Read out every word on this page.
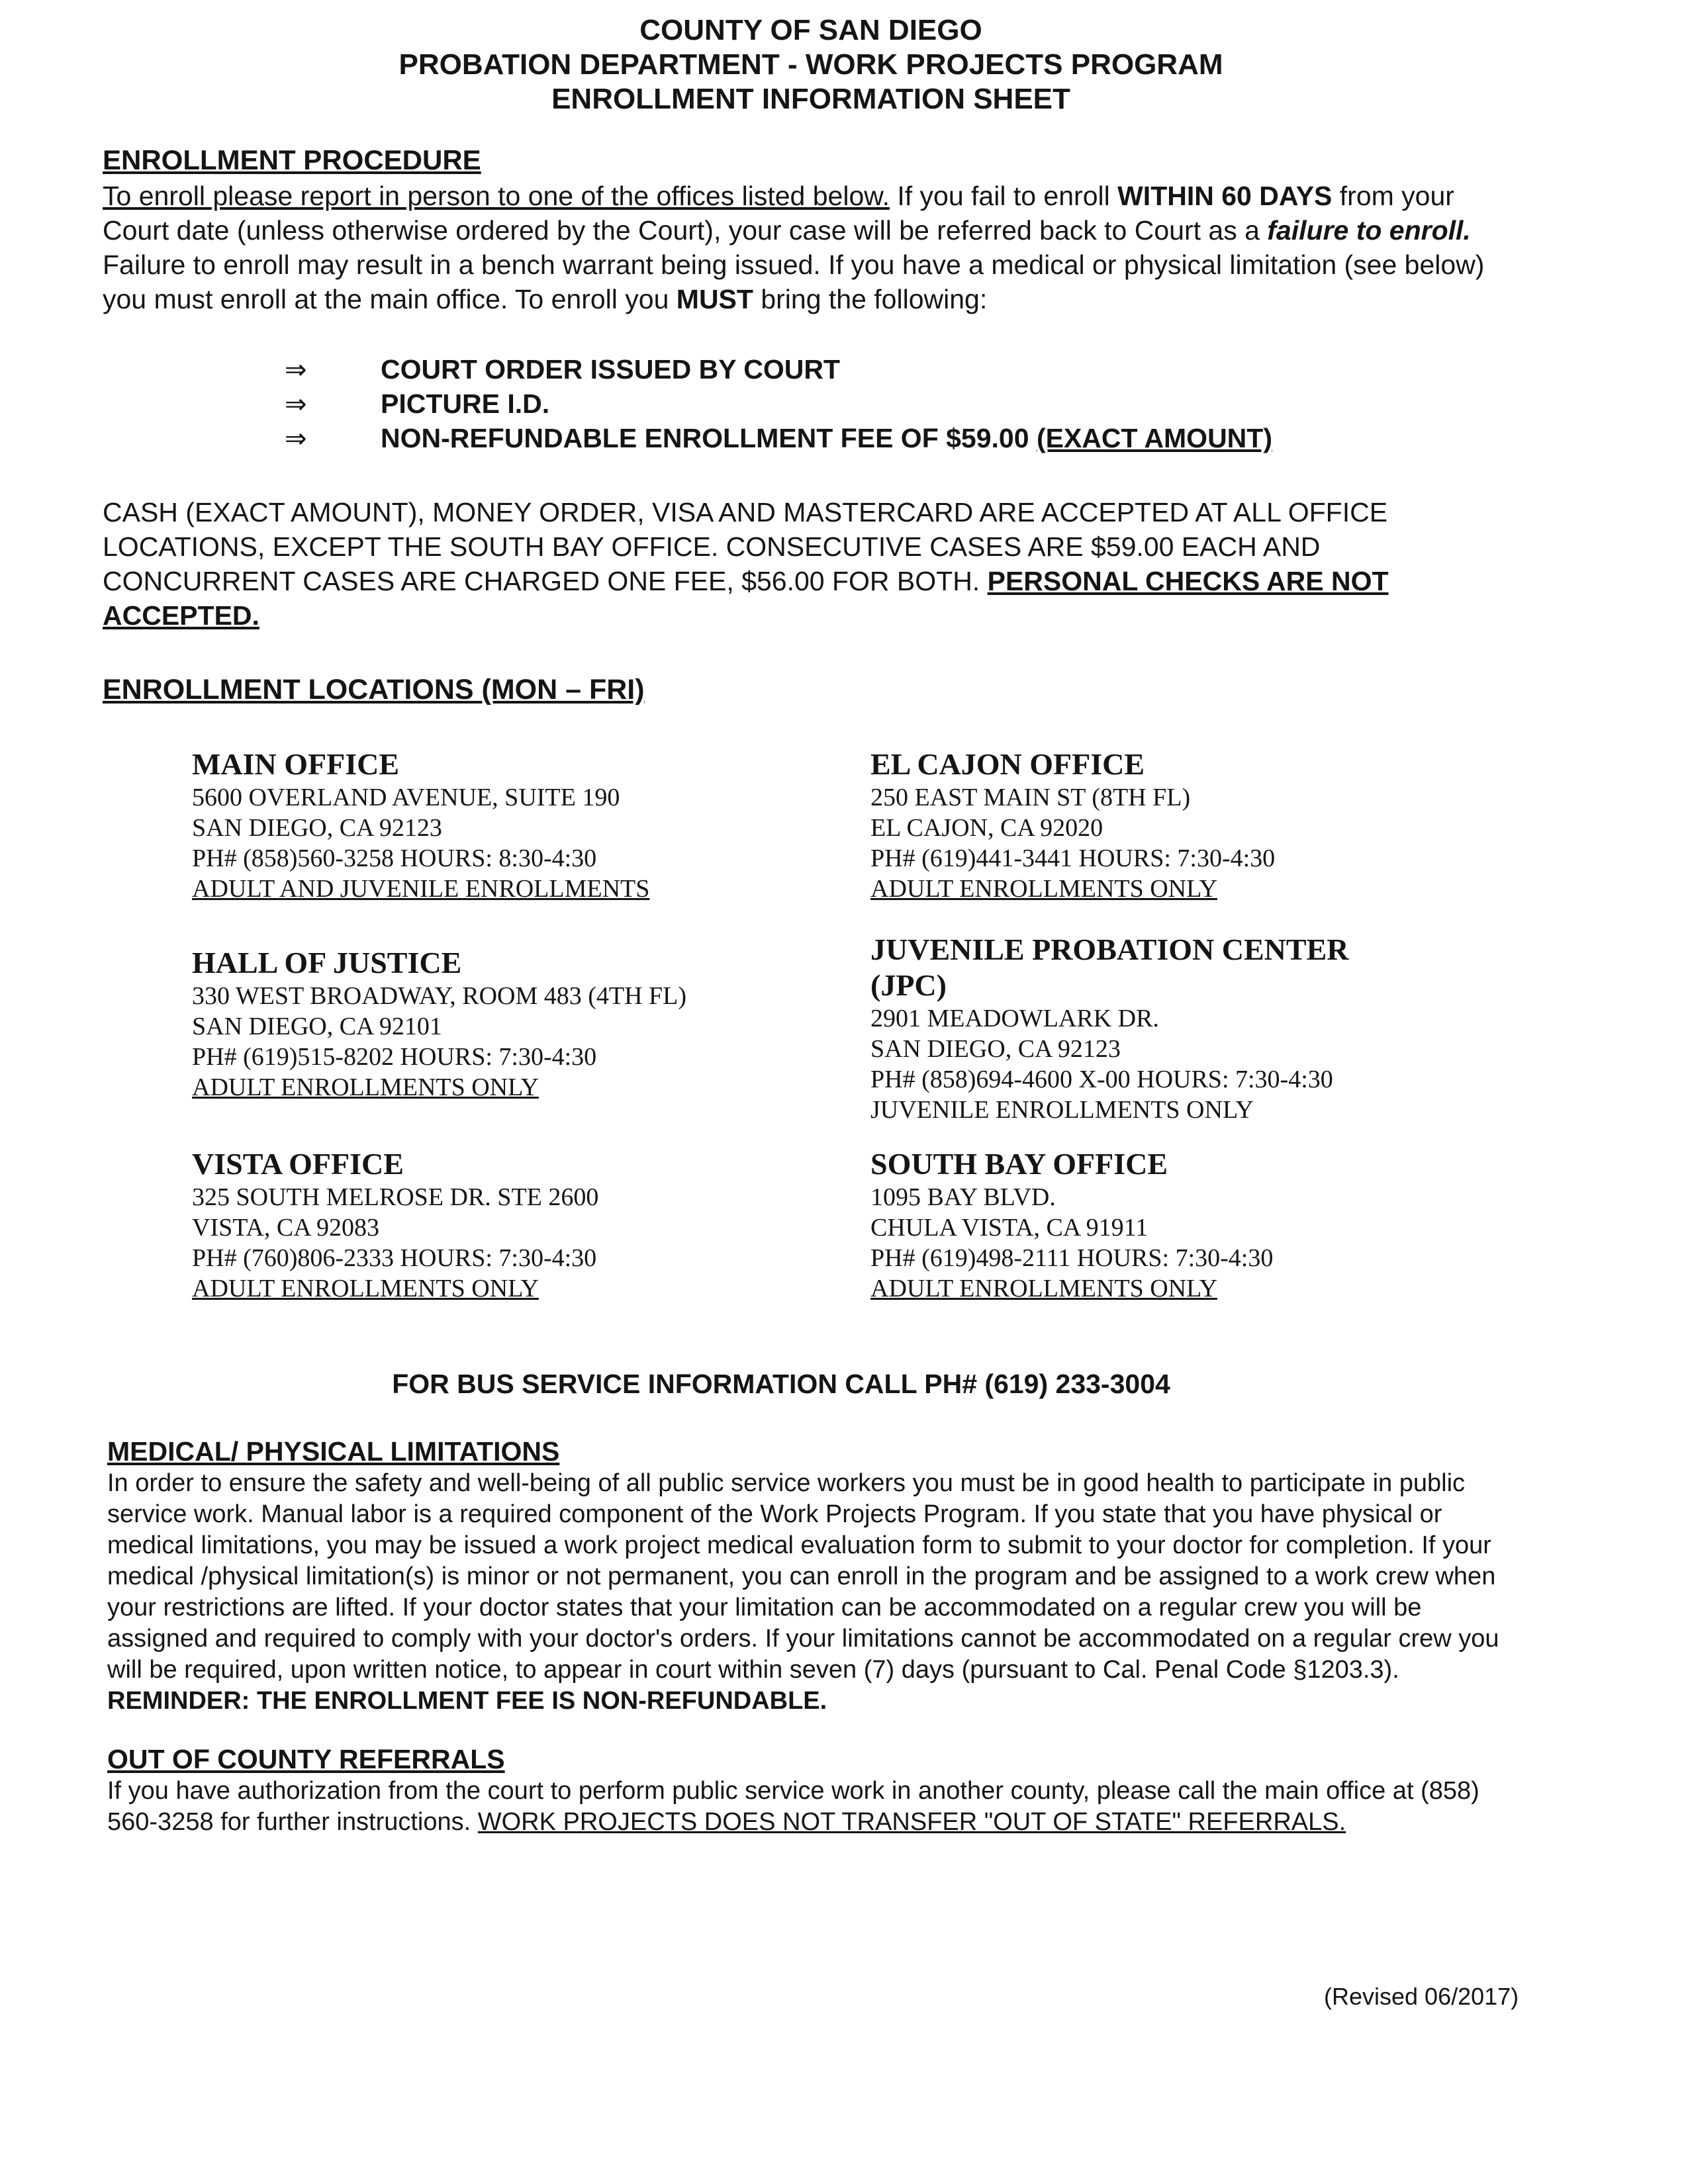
COUNTY OF SAN DIEGO
PROBATION DEPARTMENT - WORK PROJECTS PROGRAM
ENROLLMENT INFORMATION SHEET
ENROLLMENT PROCEDURE
To enroll please report in person to one of the offices listed below. If you fail to enroll WITHIN 60 DAYS from your Court date (unless otherwise ordered by the Court), your case will be referred back to Court as a failure to enroll. Failure to enroll may result in a bench warrant being issued. If you have a medical or physical limitation (see below) you must enroll at the main office. To enroll you MUST bring the following:
⇒	COURT ORDER ISSUED BY COURT
⇒	PICTURE I.D.
⇒	NON-REFUNDABLE ENROLLMENT FEE OF $59.00 (EXACT AMOUNT)
CASH (EXACT AMOUNT), MONEY ORDER, VISA AND MASTERCARD ARE ACCEPTED AT ALL OFFICE LOCATIONS, EXCEPT THE SOUTH BAY OFFICE. CONSECUTIVE CASES ARE $59.00 EACH AND CONCURRENT CASES ARE CHARGED ONE FEE, $56.00 FOR BOTH. PERSONAL CHECKS ARE NOT ACCEPTED.
ENROLLMENT LOCATIONS (MON – FRI)
MAIN OFFICE
5600 OVERLAND AVENUE, SUITE 190
SAN DIEGO, CA 92123
PH# (858)560-3258 HOURS: 8:30-4:30
ADULT AND JUVENILE ENROLLMENTS
HALL OF JUSTICE
330 WEST BROADWAY, ROOM 483 (4TH FL)
SAN DIEGO, CA 92101
PH# (619)515-8202 HOURS: 7:30-4:30
ADULT ENROLLMENTS ONLY
VISTA OFFICE
325 SOUTH MELROSE DR. STE 2600
VISTA, CA 92083
PH# (760)806-2333 HOURS: 7:30-4:30
ADULT ENROLLMENTS ONLY
EL CAJON OFFICE
250 EAST MAIN ST (8TH FL)
EL CAJON, CA 92020
PH# (619)441-3441 HOURS: 7:30-4:30
ADULT ENROLLMENTS ONLY
JUVENILE PROBATION CENTER
(JPC)
2901 MEADOWLARK DR.
SAN DIEGO, CA 92123
PH# (858)694-4600 X-00 HOURS: 7:30-4:30
JUVENILE ENROLLMENTS ONLY
SOUTH BAY OFFICE
1095 BAY BLVD.
CHULA VISTA, CA 91911
PH# (619)498-2111 HOURS: 7:30-4:30
ADULT ENROLLMENTS ONLY
FOR BUS SERVICE INFORMATION CALL PH# (619) 233-3004
MEDICAL/ PHYSICAL LIMITATIONS
In order to ensure the safety and well-being of all public service workers you must be in good health to participate in public service work. Manual labor is a required component of the Work Projects Program. If you state that you have physical or medical limitations, you may be issued a work project medical evaluation form to submit to your doctor for completion. If your medical /physical limitation(s) is minor or not permanent, you can enroll in the program and be assigned to a work crew when your restrictions are lifted. If your doctor states that your limitation can be accommodated on a regular crew you will be assigned and required to comply with your doctor's orders. If your limitations cannot be accommodated on a regular crew you will be required, upon written notice, to appear in court within seven (7) days (pursuant to Cal. Penal Code §1203.3). REMINDER: THE ENROLLMENT FEE IS NON-REFUNDABLE.
OUT OF COUNTY REFERRALS
If you have authorization from the court to perform public service work in another county, please call the main office at (858) 560-3258 for further instructions. WORK PROJECTS DOES NOT TRANSFER "OUT OF STATE" REFERRALS.
(Revised 06/2017)
